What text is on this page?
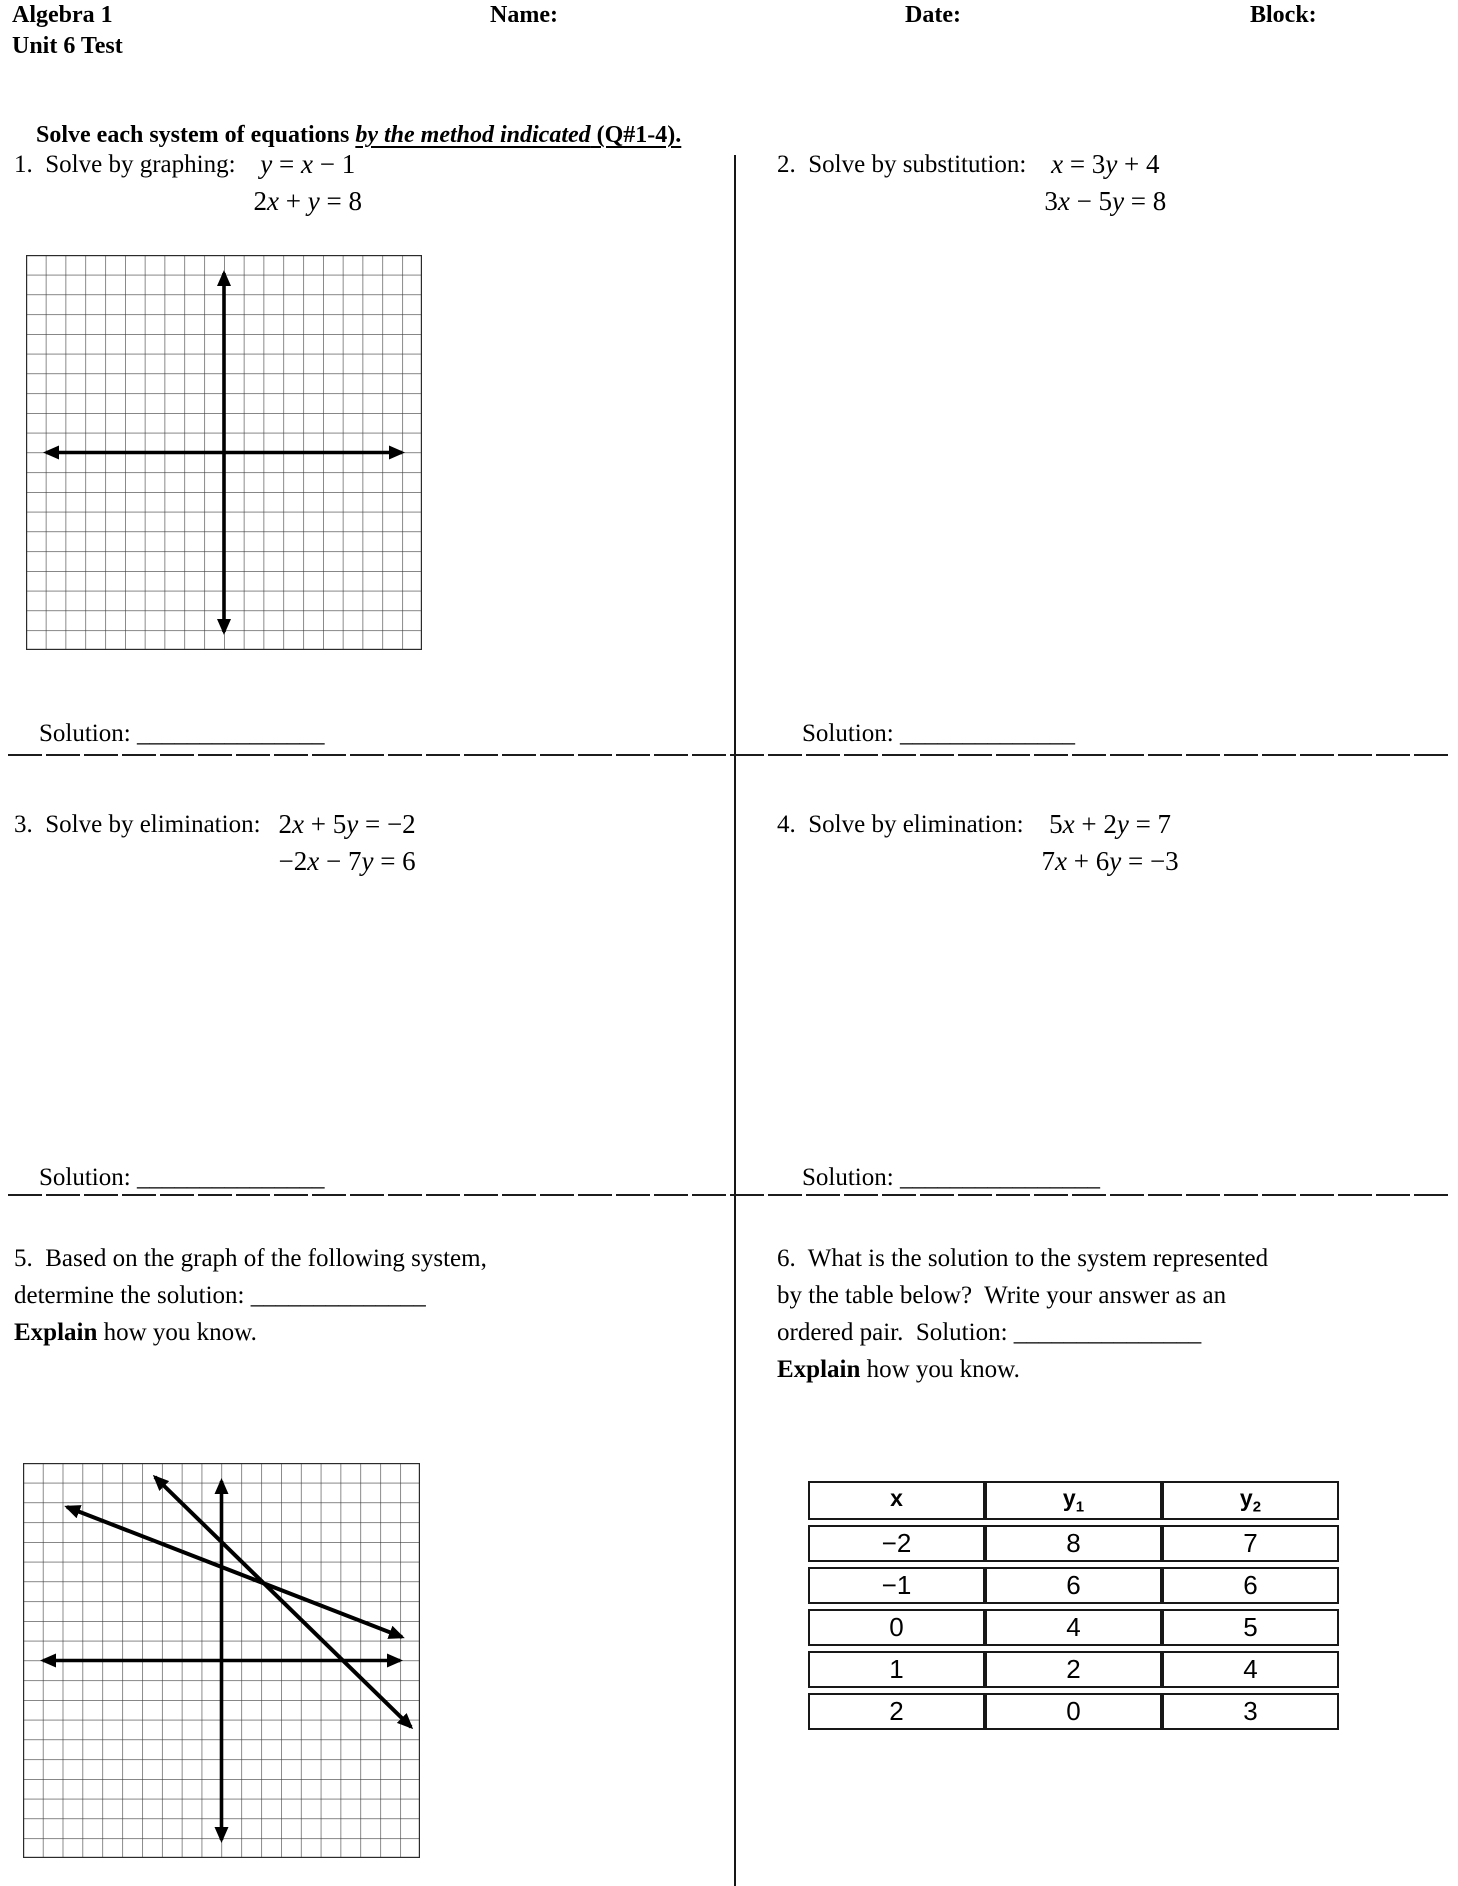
Algebra 1
Unit 6 Test
Name:	Date:	Block:

Solve each system of equations by the method indicated (Q#1-4).

1.  Solve by graphing: y = x − 1
2x + y = 8

Solution: _______________

2.  Solve by substitution: x = 3y + 4
3x − 5y = 8

Solution: ______________

3.  Solve by elimination: 2x + 5y = −2
−2x − 7y = 6

Solution: _______________

4.  Solve by elimination: 5x + 2y = 7
7x + 6y = −3

Solution: ________________

5.  Based on the graph of the following system,
determine the solution: ______________
Explain how you know.
6.  What is the solution to the system represented
by the table below?  Write your answer as an
ordered pair.  Solution: _______________
Explain how you know.
x	$y_1$	$y_2$
−2	8	7
−1	6	6
0	4	5
1	2	4
2	0	3
